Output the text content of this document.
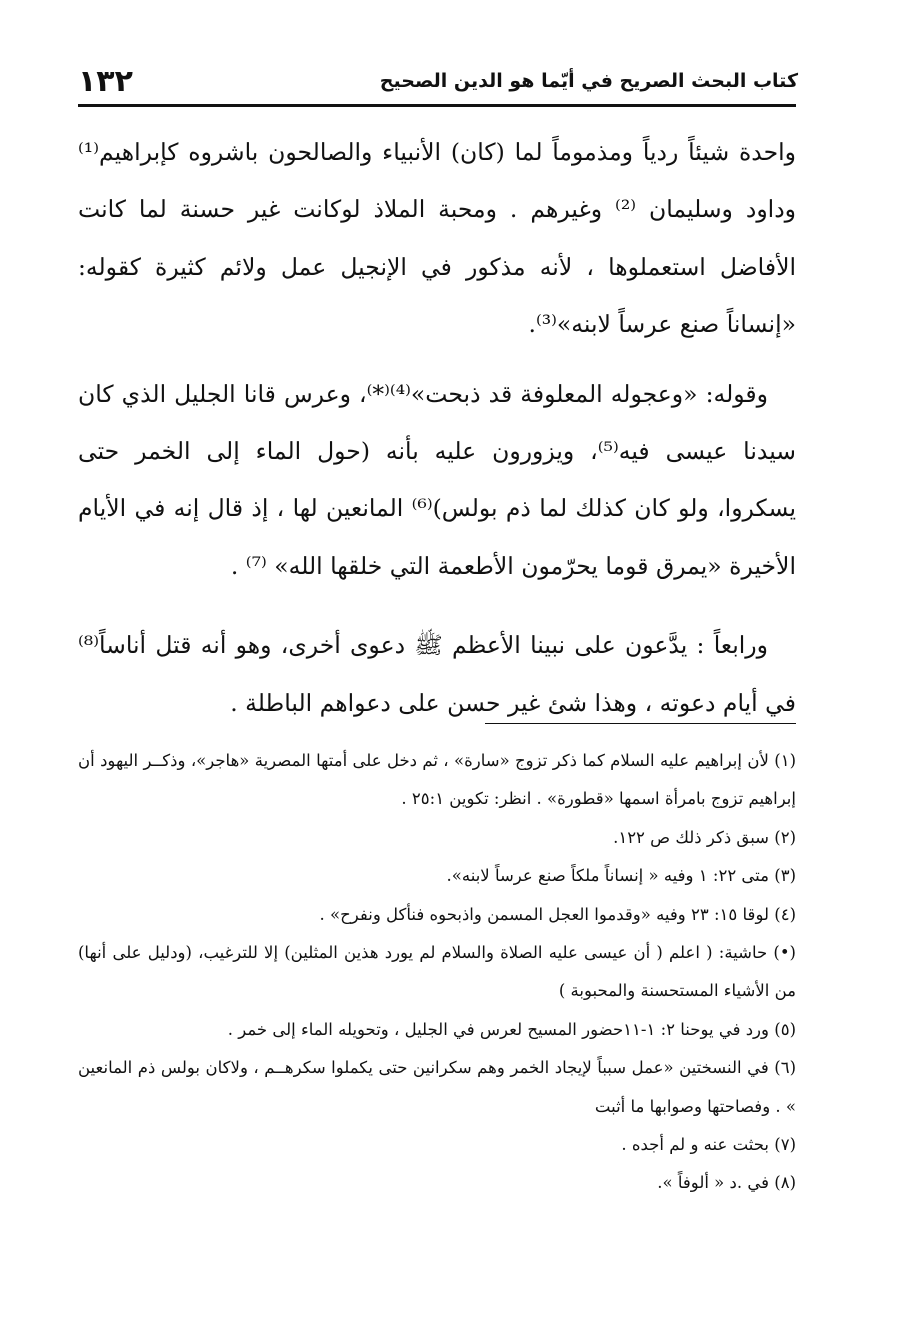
١٣٢	كتاب البحث الصريح في أيّما هو الدين الصحيح

واحدة شيئاً ردياً ومذموماً لما (كان) الأنبياء والصالحون باشروه كإبراهيم⁽¹⁾ وداود وسليمان ⁽²⁾ وغيرهم . ومحبة الملاذ لوكانت غير حسنة لما كانت الأفاضل استعملوها ، لأنه مذكور في الإنجيل عمل ولائم كثيرة كقوله: «إنساناً صنع عرساً لابنه»⁽³⁾.

وقوله: «وعجوله المعلوفة قد ذبحت»⁽⁴⁾⁽*⁾، وعرس قانا الجليل الذي كان سيدنا عيسى فيه⁽⁵⁾، ويزورون عليه بأنه (حول الماء إلى الخمر حتى يسكروا، ولو كان كذلك لما ذم بولس)⁽⁶⁾ المانعين لها ، إذ قال إنه في الأيام الأخيرة «يمرق قوما يحرّمون الأطعمة التي خلقها الله» ⁽⁷⁾ .

ورابعاً : يدَّعون على نبينا الأعظم ﷺ دعوى أخرى، وهو أنه قتل أناساً⁽⁸⁾ في أيام دعوته ، وهذا شئ غير حسن على دعواهم الباطلة .

(١) لأن إبراهيم عليه السلام كما ذكر تزوج «سارة» ، ثم دخل على أمتها المصرية «هاجر»، وذكــر اليهود أن إبراهيم تزوج بامرأة اسمها «قطورة» . انظر: تكوين ٢٥:١ .

(٢) سبق ذكر ذلك ص ١٢٢.

(٣) متى ٢٢: ١ وفيه « إنساناً ملكاً صنع عرساً لابنه».

(٤) لوقا ١٥: ٢٣ وفيه «وقدموا العجل المسمن واذبحوه فنأكل ونفرح» .

(•) حاشية: ( اعلم ( أن عيسى عليه الصلاة والسلام لم يورد هذين المثلين) إلا للترغيب، (ودليل على أنها) من الأشياء المستحسنة والمحبوبة )

(٥) ورد في يوحنا ٢: ١-١١حضور المسيح لعرس في الجليل ، وتحويله الماء إلى خمر .

(٦) في النسختين «عمل سبباً لإيجاد الخمر وهم سكرانين حتى يكملوا سكرهــم ، ولاكان بولس ذم المانعين » . وفصاحتها وصوابها ما أثبت

(٧) بحثت عنه و لم أجده .

(٨) في .د « ألوفاً ».
